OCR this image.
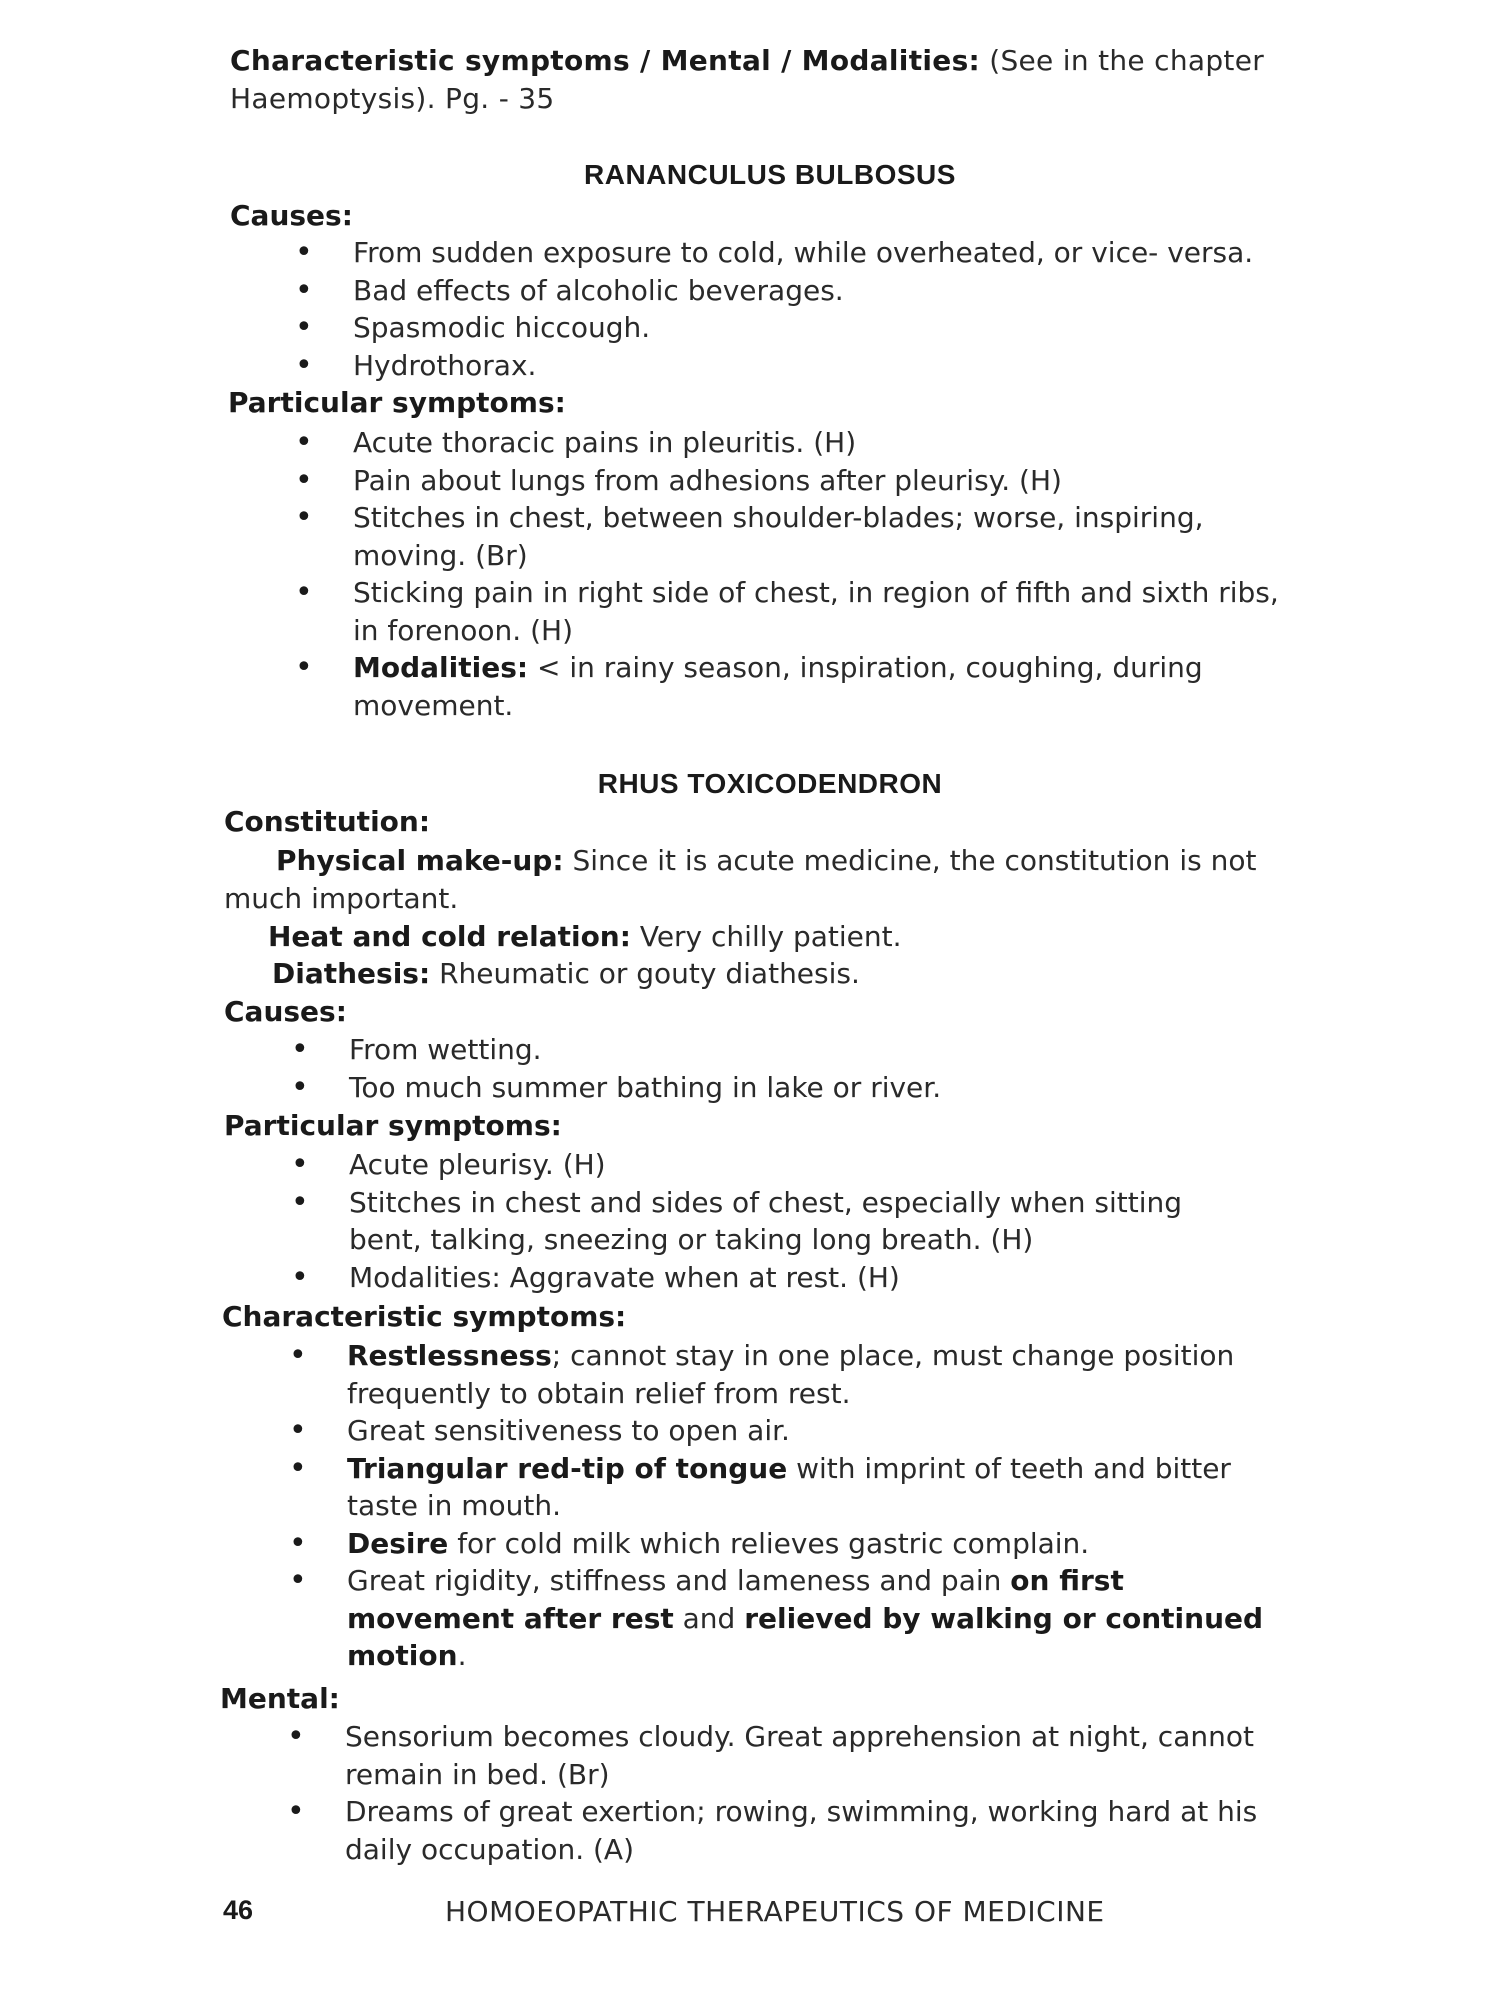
Characteristic symptoms / Mental / Modalities: (See in the chapter Haemoptysis). Pg. - 35
RANANCULUS BULBOSUS
Causes:
• From sudden exposure to cold, while overheated, or vice- versa.
• Bad effects of alcoholic beverages.
• Spasmodic hiccough.
• Hydrothorax.
Particular symptoms:
• Acute thoracic pains in pleuritis. (H)
• Pain about lungs from adhesions after pleurisy. (H)
• Stitches in chest, between shoulder-blades; worse, inspiring, moving. (Br)
• Sticking pain in right side of chest, in region of fifth and sixth ribs, in forenoon. (H)
• Modalities: < in rainy season, inspiration, coughing, during movement.
RHUS TOXICODENDRON
Constitution:
Physical make-up: Since it is acute medicine, the constitution is not much important.
Heat and cold relation: Very chilly patient.
Diathesis: Rheumatic or gouty diathesis.
Causes:
• From wetting.
• Too much summer bathing in lake or river.
Particular symptoms:
• Acute pleurisy. (H)
• Stitches in chest and sides of chest, especially when sitting bent, talking, sneezing or taking long breath. (H)
• Modalities: Aggravate when at rest. (H)
Characteristic symptoms:
• Restlessness; cannot stay in one place, must change position frequently to obtain relief from rest.
• Great sensitiveness to open air.
• Triangular red-tip of tongue with imprint of teeth and bitter taste in mouth.
• Desire for cold milk which relieves gastric complain.
• Great rigidity, stiffness and lameness and pain on first movement after rest and relieved by walking or continued motion.
Mental:
• Sensorium becomes cloudy. Great apprehension at night, cannot remain in bed. (Br)
• Dreams of great exertion; rowing, swimming, working hard at his daily occupation. (A)
46	HOMOEOPATHIC THERAPEUTICS OF MEDICINE
